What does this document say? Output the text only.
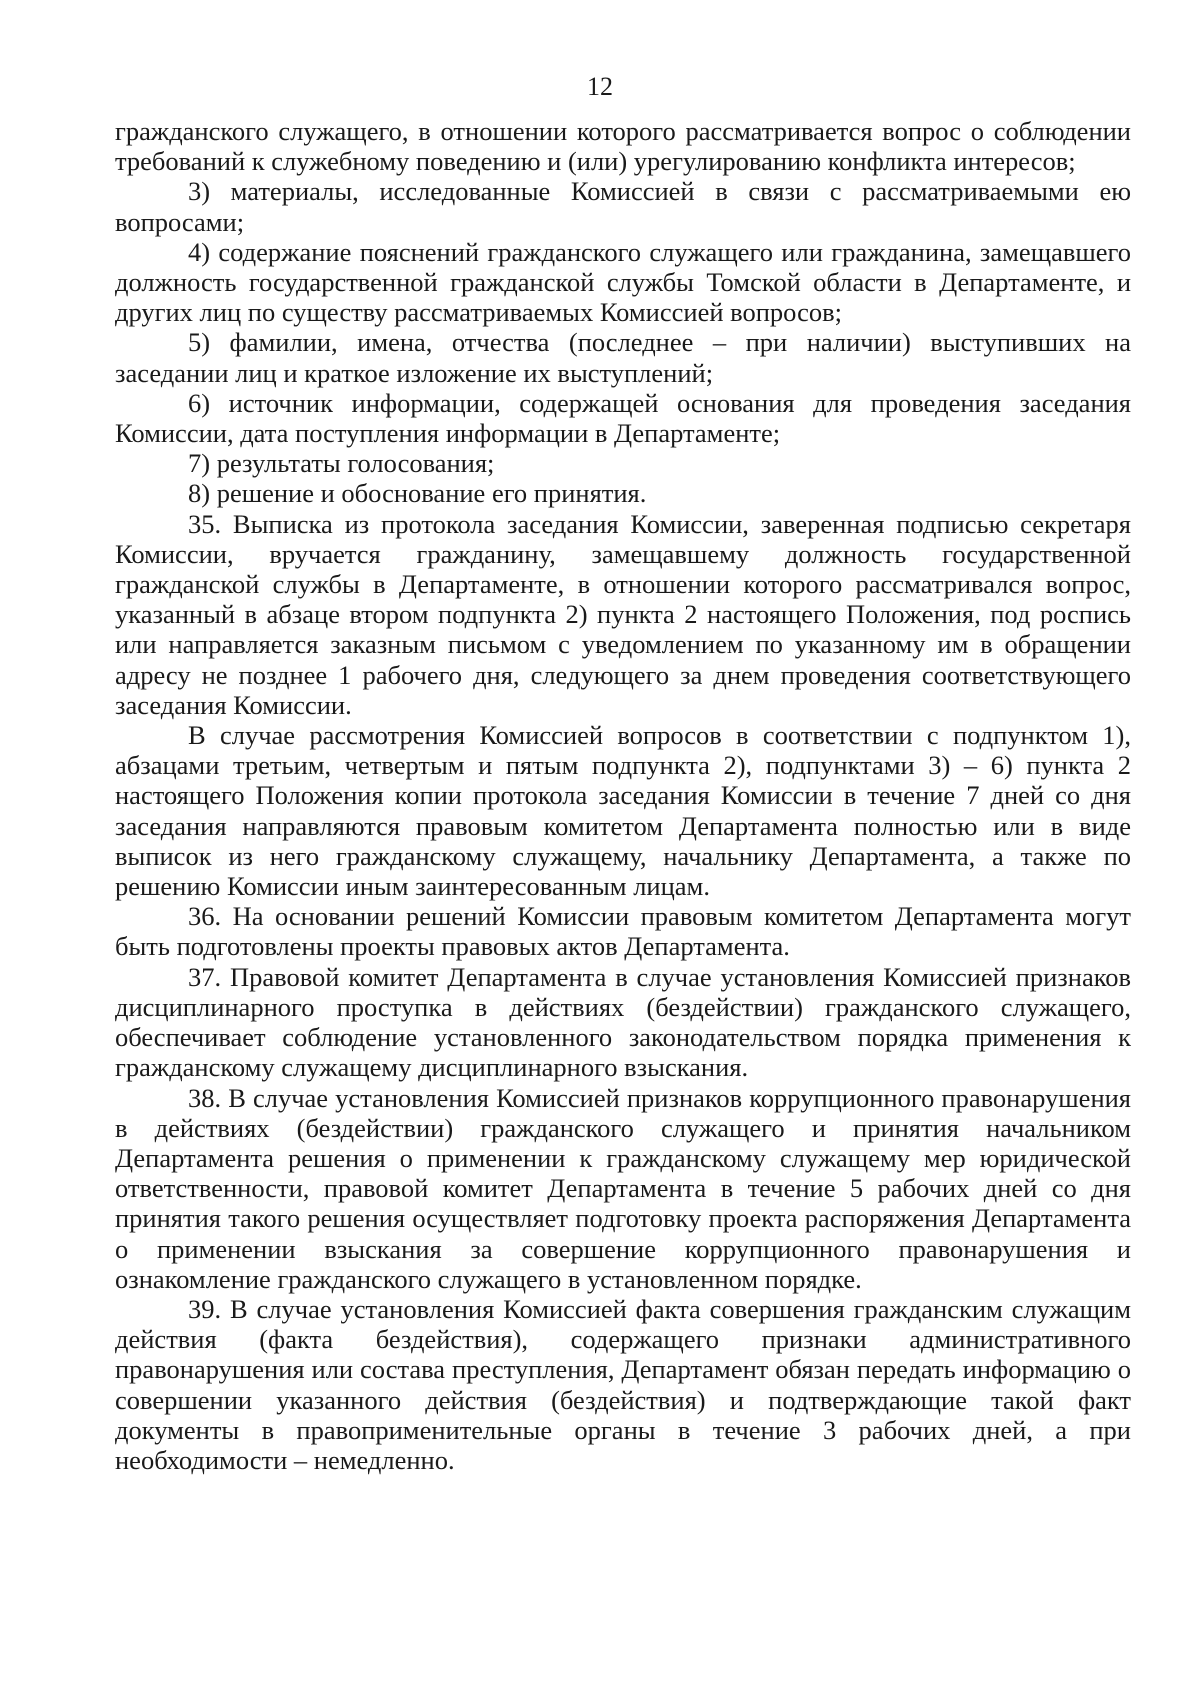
12

гражданского служащего, в отношении которого рассматривается вопрос о соблюдении требований к служебному поведению и (или) урегулированию конфликта интересов;

3) материалы, исследованные Комиссией в связи с рассматриваемыми ею вопросами;

4) содержание пояснений гражданского служащего или гражданина, замещавшего должность государственной гражданской службы Томской области в Департаменте, и других лиц по существу рассматриваемых Комиссией вопросов;

5) фамилии, имена, отчества (последнее – при наличии) выступивших на заседании лиц и краткое изложение их выступлений;

6) источник информации, содержащей основания для проведения заседания Комиссии, дата поступления информации в Департаменте;

7) результаты голосования;

8) решение и обоснование его принятия.

35. Выписка из протокола заседания Комиссии, заверенная подписью секретаря Комиссии, вручается гражданину, замещавшему должность государственной гражданской службы в Департаменте, в отношении которого рассматривался вопрос, указанный в абзаце втором подпункта 2) пункта 2 настоящего Положения, под роспись или направляется заказным письмом с уведомлением по указанному им в обращении адресу не позднее 1 рабочего дня, следующего за днем проведения соответствующего заседания Комиссии.

В случае рассмотрения Комиссией вопросов в соответствии с подпунктом 1), абзацами третьим, четвертым и пятым подпункта 2), подпунктами 3) – 6) пункта 2 настоящего Положения копии протокола заседания Комиссии в течение 7 дней со дня заседания направляются правовым комитетом Департамента полностью или в виде выписок из него гражданскому служащему, начальнику Департамента, а также по решению Комиссии иным заинтересованным лицам.

36. На основании решений Комиссии правовым комитетом Департамента могут быть подготовлены проекты правовых актов Департамента.

37. Правовой комитет Департамента в случае установления Комиссией признаков дисциплинарного проступка в действиях (бездействии) гражданского служащего, обеспечивает соблюдение установленного законодательством порядка применения к гражданскому служащему дисциплинарного взыскания.

38. В случае установления Комиссией признаков коррупционного правонарушения в действиях (бездействии) гражданского служащего и принятия начальником Департамента решения о применении к гражданскому служащему мер юридической ответственности, правовой комитет Департамента в течение 5 рабочих дней со дня принятия такого решения осуществляет подготовку проекта распоряжения Департамента о применении взыскания за совершение коррупционного правонарушения и ознакомление гражданского служащего в установленном порядке.

39. В случае установления Комиссией факта совершения гражданским служащим действия (факта бездействия), содержащего признаки административного правонарушения или состава преступления, Департамент обязан передать информацию о совершении указанного действия (бездействия) и подтверждающие такой факт документы в правоприменительные органы в течение 3 рабочих дней, а при необходимости – немедленно.
